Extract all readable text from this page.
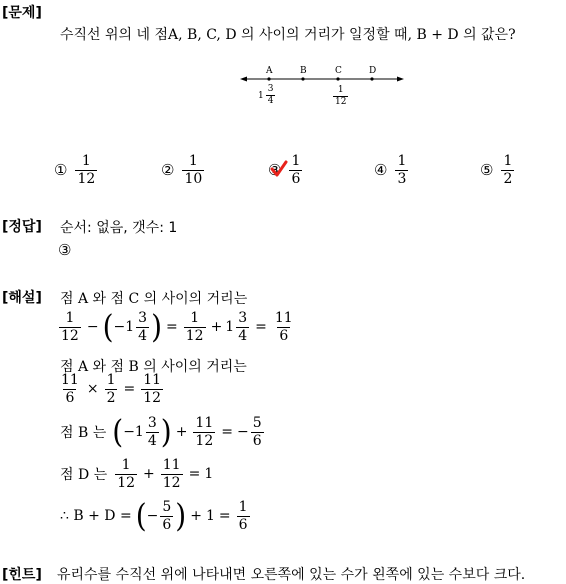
[문제]
[정답]
[해설]
[힌트]
수직선 위의 네 점A, B, C, D 의 사이의 거리가 일정할 때, B + D 의 값은?
A	B	C	D
$1 \frac{3}{4}$	$\frac{1}{12}$
① $\frac{1}{12}$	② $\frac{1}{10}$	③ $\frac{1}{6}$	④ $\frac{1}{3}$	⑤ $\frac{1}{2}$
순서: 없음, 갯수: 1
③
점 A 와 점 C 의 사이의 거리는
$\frac{1}{12}$ − ( $-1 \frac{3}{4}$ ) = $\frac{1}{12} + 1 \frac{3}{4} = \frac{11}{6}$
점 A 와 점 B 의 사이의 거리는
$\frac{11}{6} \times \frac{1}{2} = \frac{11}{12}$
점 B 는 ( $-1 \frac{3}{4}$ ) + $\frac{11}{12}$ = − $\frac{5}{6}$
점 D 는 $\frac{1}{12} + \frac{11}{12} = 1$
∴ B + D = ( − $\frac{5}{6}$ ) + $1 = \frac{1}{6}$
유리수를 수직선 위에 나타내면 오른쪽에 있는 수가 왼쪽에 있는 수보다 크다.
